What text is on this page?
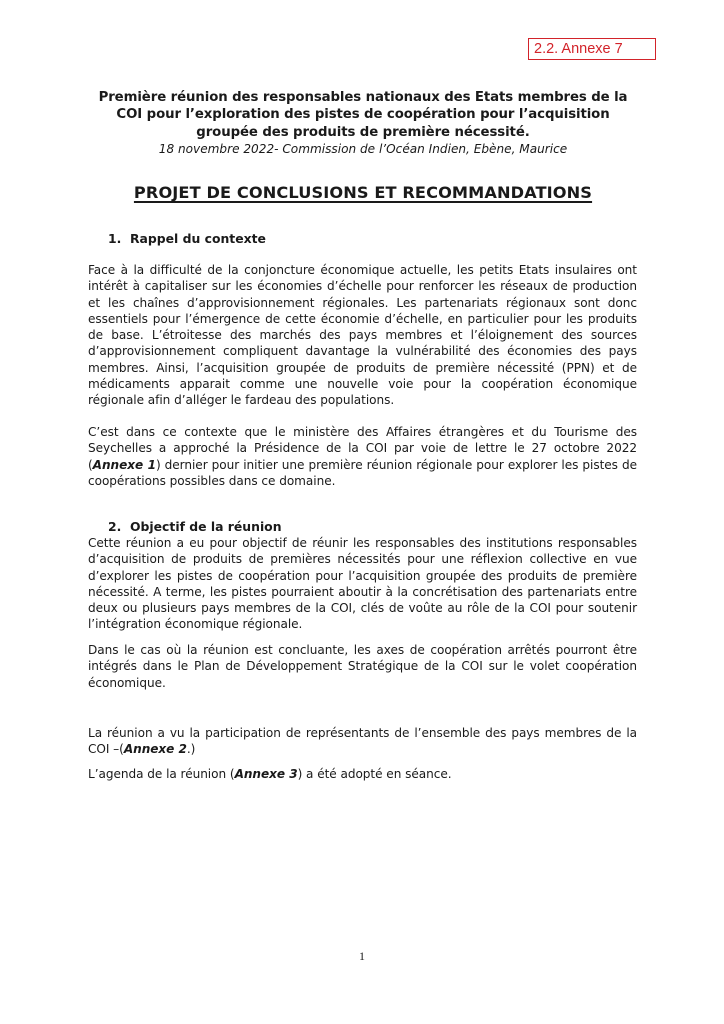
2.2. Annexe 7

Première réunion des responsables nationaux des Etats membres de la

COI pour l’exploration des pistes de coopération pour l’acquisition

groupée des produits de première nécessité.

18 novembre 2022- Commission de l’Océan Indien, Ebène, Maurice

PROJET DE CONCLUSIONS ET RECOMMANDATIONS
1. Rappel du contexte

Face à la difficulté de la conjoncture économique actuelle, les petits Etats insulaires ont intérêt à capitaliser sur les économies d’échelle pour renforcer les réseaux de production et les chaînes d’approvisionnement régionales. Les partenariats régionaux sont donc essentiels pour l’émergence de cette économie d’échelle, en particulier pour les produits de base. L’étroitesse des marchés des pays membres et l’éloignement des sources d’approvisionnement compliquent davantage la vulnérabilité des économies des pays membres. Ainsi, l’acquisition groupée de produits de première nécessité (PPN) et de médicaments apparait comme une nouvelle voie pour la coopération économique régionale afin d’alléger le fardeau des populations.

C’est dans ce contexte que le ministère des Affaires étrangères et du Tourisme des Seychelles a approché la Présidence de la COI par voie de lettre le 27 octobre 2022 (Annexe 1) dernier pour initier une première réunion régionale pour explorer les pistes de coopérations possibles dans ce domaine.

2. Objectif de la réunion

Cette réunion a eu pour objectif de réunir les responsables des institutions responsables d’acquisition de produits de premières nécessités pour une réflexion collective en vue d’explorer les pistes de coopération pour l’acquisition groupée des produits de première nécessité. A terme, les pistes pourraient aboutir à la concrétisation des partenariats entre deux ou plusieurs pays membres de la COI, clés de voûte au rôle de la COI pour soutenir l’intégration économique régionale.

Dans le cas où la réunion est concluante, les axes de coopération arrêtés pourront être intégrés dans le Plan de Développement Stratégique de la COI sur le volet coopération économique.

La réunion a vu la participation de représentants de l’ensemble des pays membres de la COI –(Annexe 2.)

L’agenda de la réunion (Annexe 3) a été adopté en séance.

1
